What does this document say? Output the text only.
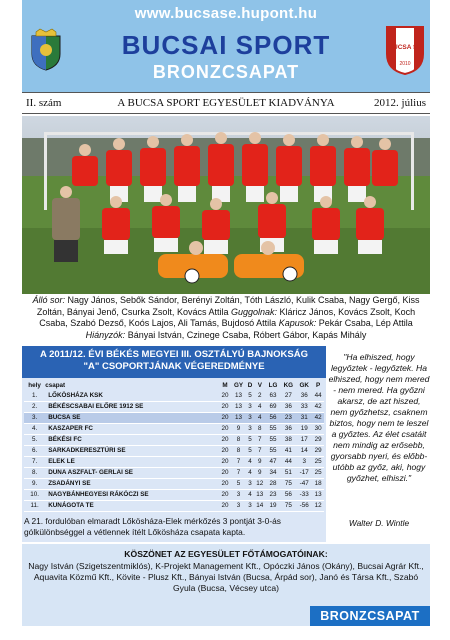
www.bucsase.hupont.hu
BUCSAI SPORT
BRONZCSAPAT
BUCSA SE
2010
A BUCSA SPORT EGYESÜLET KIADVÁNYA
II. szám	2012. július
Álló sor: Nagy János, Sebők Sándor, Berényi Zoltán, Tóth László, Kulik Csaba, Nagy Gergő, Kiss Zoltán, Bányai Jenő, Csurka Zsolt, Kovács Attila Guggolnak: Kláricz János, Kovács Zsolt, Koch Csaba, Szabó Dezső, Koós Lajos, Ali Tamás, Bujdosó Attila Kapusok: Pekár Csaba, Lép Attila
Hiányzók: Bányai István, Czinege Csaba, Róbert Gábor, Kapás Mihály
A 2011/12. ÉVI BÉKÉS MEGYEI III. OSZTÁLYÚ BAJNOKSÁG
"A" CSOPORTJÁNAK VÉGEREDMÉNYE
hely	csapat	M	GY	D	V	LG	KG	GK	P
1.	LŐKÖSHÁZA KSK	20	13	5	2	63	27	36	44
2.	BÉKÉSCSABAI ELŐRE 1912 SE	20	13	3	4	69	36	33	42
3.	BUCSA SE	20	13	3	4	56	23	31	42
4.	KASZAPER FC	20	9	3	8	55	36	19	30
5.	BÉKÉSI FC	20	8	5	7	55	38	17	29
6.	SARKADKERESZTÚRI SE	20	8	5	7	55	41	14	29
7.	ELEK LE	20	7	4	9	47	44	3	25
8.	DUNA ASZFALT- GERLAI SE	20	7	4	9	34	51	-17	25
9.	ZSADÁNYI SE	20	5	3	12	28	75	-47	18
10.	NAGYBÁNHEGYESI RÁKÓCZI SE	20	3	4	13	23	56	-33	13
11.	KUNÁGOTA TE	20	3	3	14	19	75	-56	12
A 21. fordulóban elmaradt Lőkösháza-Elek mérkőzés 3 pontját 3-0-ás gólkülönbséggel a vétlennek ítélt Lőkösháza csapata kapta.
"Ha elhiszed, hogy legyőztek - legyőztek. Ha elhiszed, hogy nem mered - nem mered. Ha győzni akarsz, de azt hiszed, nem győzhetsz, csaknem biztos, hogy nem te leszel a győztes. Az élet csatáit nem mindig az erősebb, gyorsabb nyeri, és előbb-utóbb az győz, aki, hogy győzhet, elhiszi."
Walter D. Wintle
KÖSZÖNET AZ EGYESÜLET FŐTÁMOGATÓINAK:
Nagy István (Szigetszentmiklós), K-Projekt Management Kft., Opóczki János (Okány), Bucsai Agrár Kft., Aquavita Közmű Kft., Kövite - Plusz Kft., Bányai István (Bucsa, Árpád sor), Janó és Társa Kft., Szabó Gyula (Bucsa, Vécsey utca)
BRONZCSAPAT
